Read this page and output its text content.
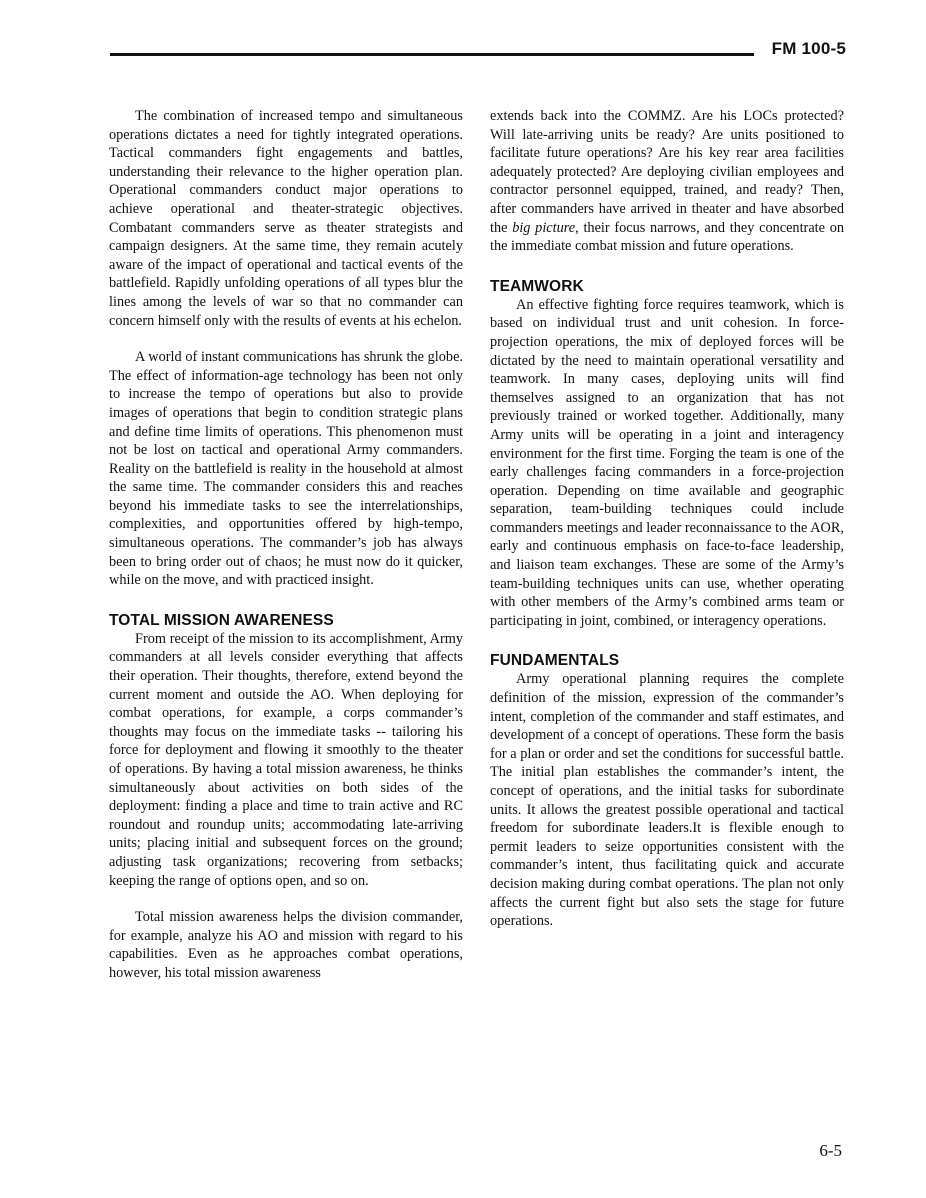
FM 100-5

The combination of increased tempo and simultaneous operations dictates a need for tightly integrated operations. Tactical commanders fight engagements and battles, understanding their relevance to the higher operation plan. Operational commanders conduct major operations to achieve operational and theater-strategic objectives. Combatant commanders serve as theater strategists and campaign designers. At the same time, they remain acutely aware of the impact of operational and tactical events of the battlefield. Rapidly unfolding operations of all types blur the lines among the levels of war so that no commander can concern himself only with the results of events at his echelon.

A world of instant communications has shrunk the globe. The effect of information-age technology has been not only to increase the tempo of operations but also to provide images of operations that begin to condition strategic plans and define time limits of operations. This phenomenon must not be lost on tactical and operational Army commanders. Reality on the battlefield is reality in the household at almost the same time. The commander considers this and reaches beyond his immediate tasks to see the interrelationships, complexities, and opportunities offered by high-tempo, simultaneous operations. The commander’s job has always been to bring order out of chaos; he must now do it quicker, while on the move, and with practiced insight.

TOTAL MISSION AWARENESS

From receipt of the mission to its accomplishment, Army commanders at all levels consider everything that affects their operation. Their thoughts, therefore, extend beyond the current moment and outside the AO. When deploying for combat operations, for example, a corps commander’s thoughts may focus on the immediate tasks -- tailoring his force for deployment and flowing it smoothly to the theater of operations. By having a total mission awareness, he thinks simultaneously about activities on both sides of the deployment: finding a place and time to train active and RC roundout and roundup units; accommodating late-arriving units; placing initial and subsequent forces on the ground; adjusting task organizations; recovering from setbacks; keeping the range of options open, and so on.

Total mission awareness helps the division commander, for example, analyze his AO and mission with regard to his capabilities. Even as he approaches combat operations, however, his total mission awareness

extends back into the COMMZ. Are his LOCs protected? Will late-arriving units be ready? Are units positioned to facilitate future operations? Are his key rear area facilities adequately protected? Are deploying civilian employees and contractor personnel equipped, trained, and ready? Then, after commanders have arrived in theater and have absorbed the big picture, their focus narrows, and they concentrate on the immediate combat mission and future operations.

TEAMWORK

An effective fighting force requires teamwork, which is based on individual trust and unit cohesion. In force-projection operations, the mix of deployed forces will be dictated by the need to maintain operational versatility and teamwork. In many cases, deploying units will find themselves assigned to an organization that has not previously trained or worked together. Additionally, many Army units will be operating in a joint and interagency environment for the first time. Forging the team is one of the early challenges facing commanders in a force-projection operation. Depending on time available and geographic separation, team-building techniques could include commanders meetings and leader reconnaissance to the AOR, early and continuous emphasis on face-to-face leadership, and liaison team exchanges. These are some of the Army’s team-building techniques units can use, whether operating with other members of the Army’s combined arms team or participating in joint, combined, or interagency operations.

FUNDAMENTALS

Army operational planning requires the complete definition of the mission, expression of the commander’s intent, completion of the commander and staff estimates, and development of a concept of operations. These form the basis for a plan or order and set the conditions for successful battle. The initial plan establishes the commander’s intent, the concept of operations, and the initial tasks for subordinate units. It allows the greatest possible operational and tactical freedom for subordinate leaders.It is flexible enough to permit leaders to seize opportunities consistent with the commander’s intent, thus facilitating quick and accurate decision making during combat operations. The plan not only affects the current fight but also sets the stage for future operations.

6-5
